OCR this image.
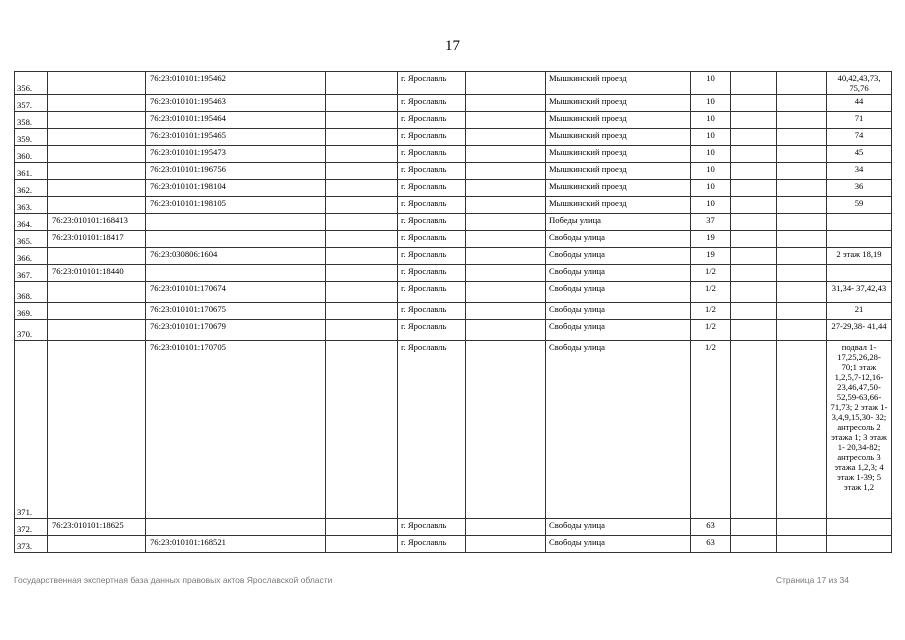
17
356.		76:23:010101:195462		г. Ярославль		Мышкинский проезд	10			40,42,43,73, 75,76
357.		76:23:010101:195463		г. Ярославль		Мышкинский проезд	10			44
358.		76:23:010101:195464		г. Ярославль		Мышкинский проезд	10			71
359.		76:23:010101:195465		г. Ярославль		Мышкинский проезд	10			74
360.		76:23:010101:195473		г. Ярославль		Мышкинский проезд	10			45
361.		76:23:010101:196756		г. Ярославль		Мышкинский проезд	10			34
362.		76:23:010101:198104		г. Ярославль		Мышкинский проезд	10			36
363.		76:23:010101:198105		г. Ярославль		Мышкинский проезд	10			59
364.	76:23:010101:168413			г. Ярославль		Победы улица	37			
365.	76:23:010101:18417			г. Ярославль		Свободы улица	19			
366.		76:23:030806:1604		г. Ярославль		Свободы улица	19			2 этаж 18,19
367.	76:23:010101:18440			г. Ярославль		Свободы улица	1/2			
368.		76:23:010101:170674		г. Ярославль		Свободы улица	1/2			31,34- 37,42,43
369.		76:23:010101:170675		г. Ярославль		Свободы улица	1/2			21
370.		76:23:010101:170679		г. Ярославль		Свободы улица	1/2			27-29,38- 41,44
371.		76:23:010101:170705		г. Ярославль		Свободы улица	1/2			подвал 1- 17,25,26,28- 70;1 этаж 1,2,5,7-12,16- 23,46,47,50- 52,59-63,66- 71,73; 2 этаж 1-3,4,9,15,30- 32; антресоль 2 этажа 1; 3 этаж 1- 20,34-82; антресоль 3 этажа 1,2,3; 4 этаж 1-39; 5 этаж 1,2
372.	76:23:010101:18625			г. Ярославль		Свободы улица	63			
373.		76:23:010101:168521		г. Ярославль		Свободы улица	63			
Государственная экспертная база данных правовых актов Ярославской области	Страница 17 из 34
